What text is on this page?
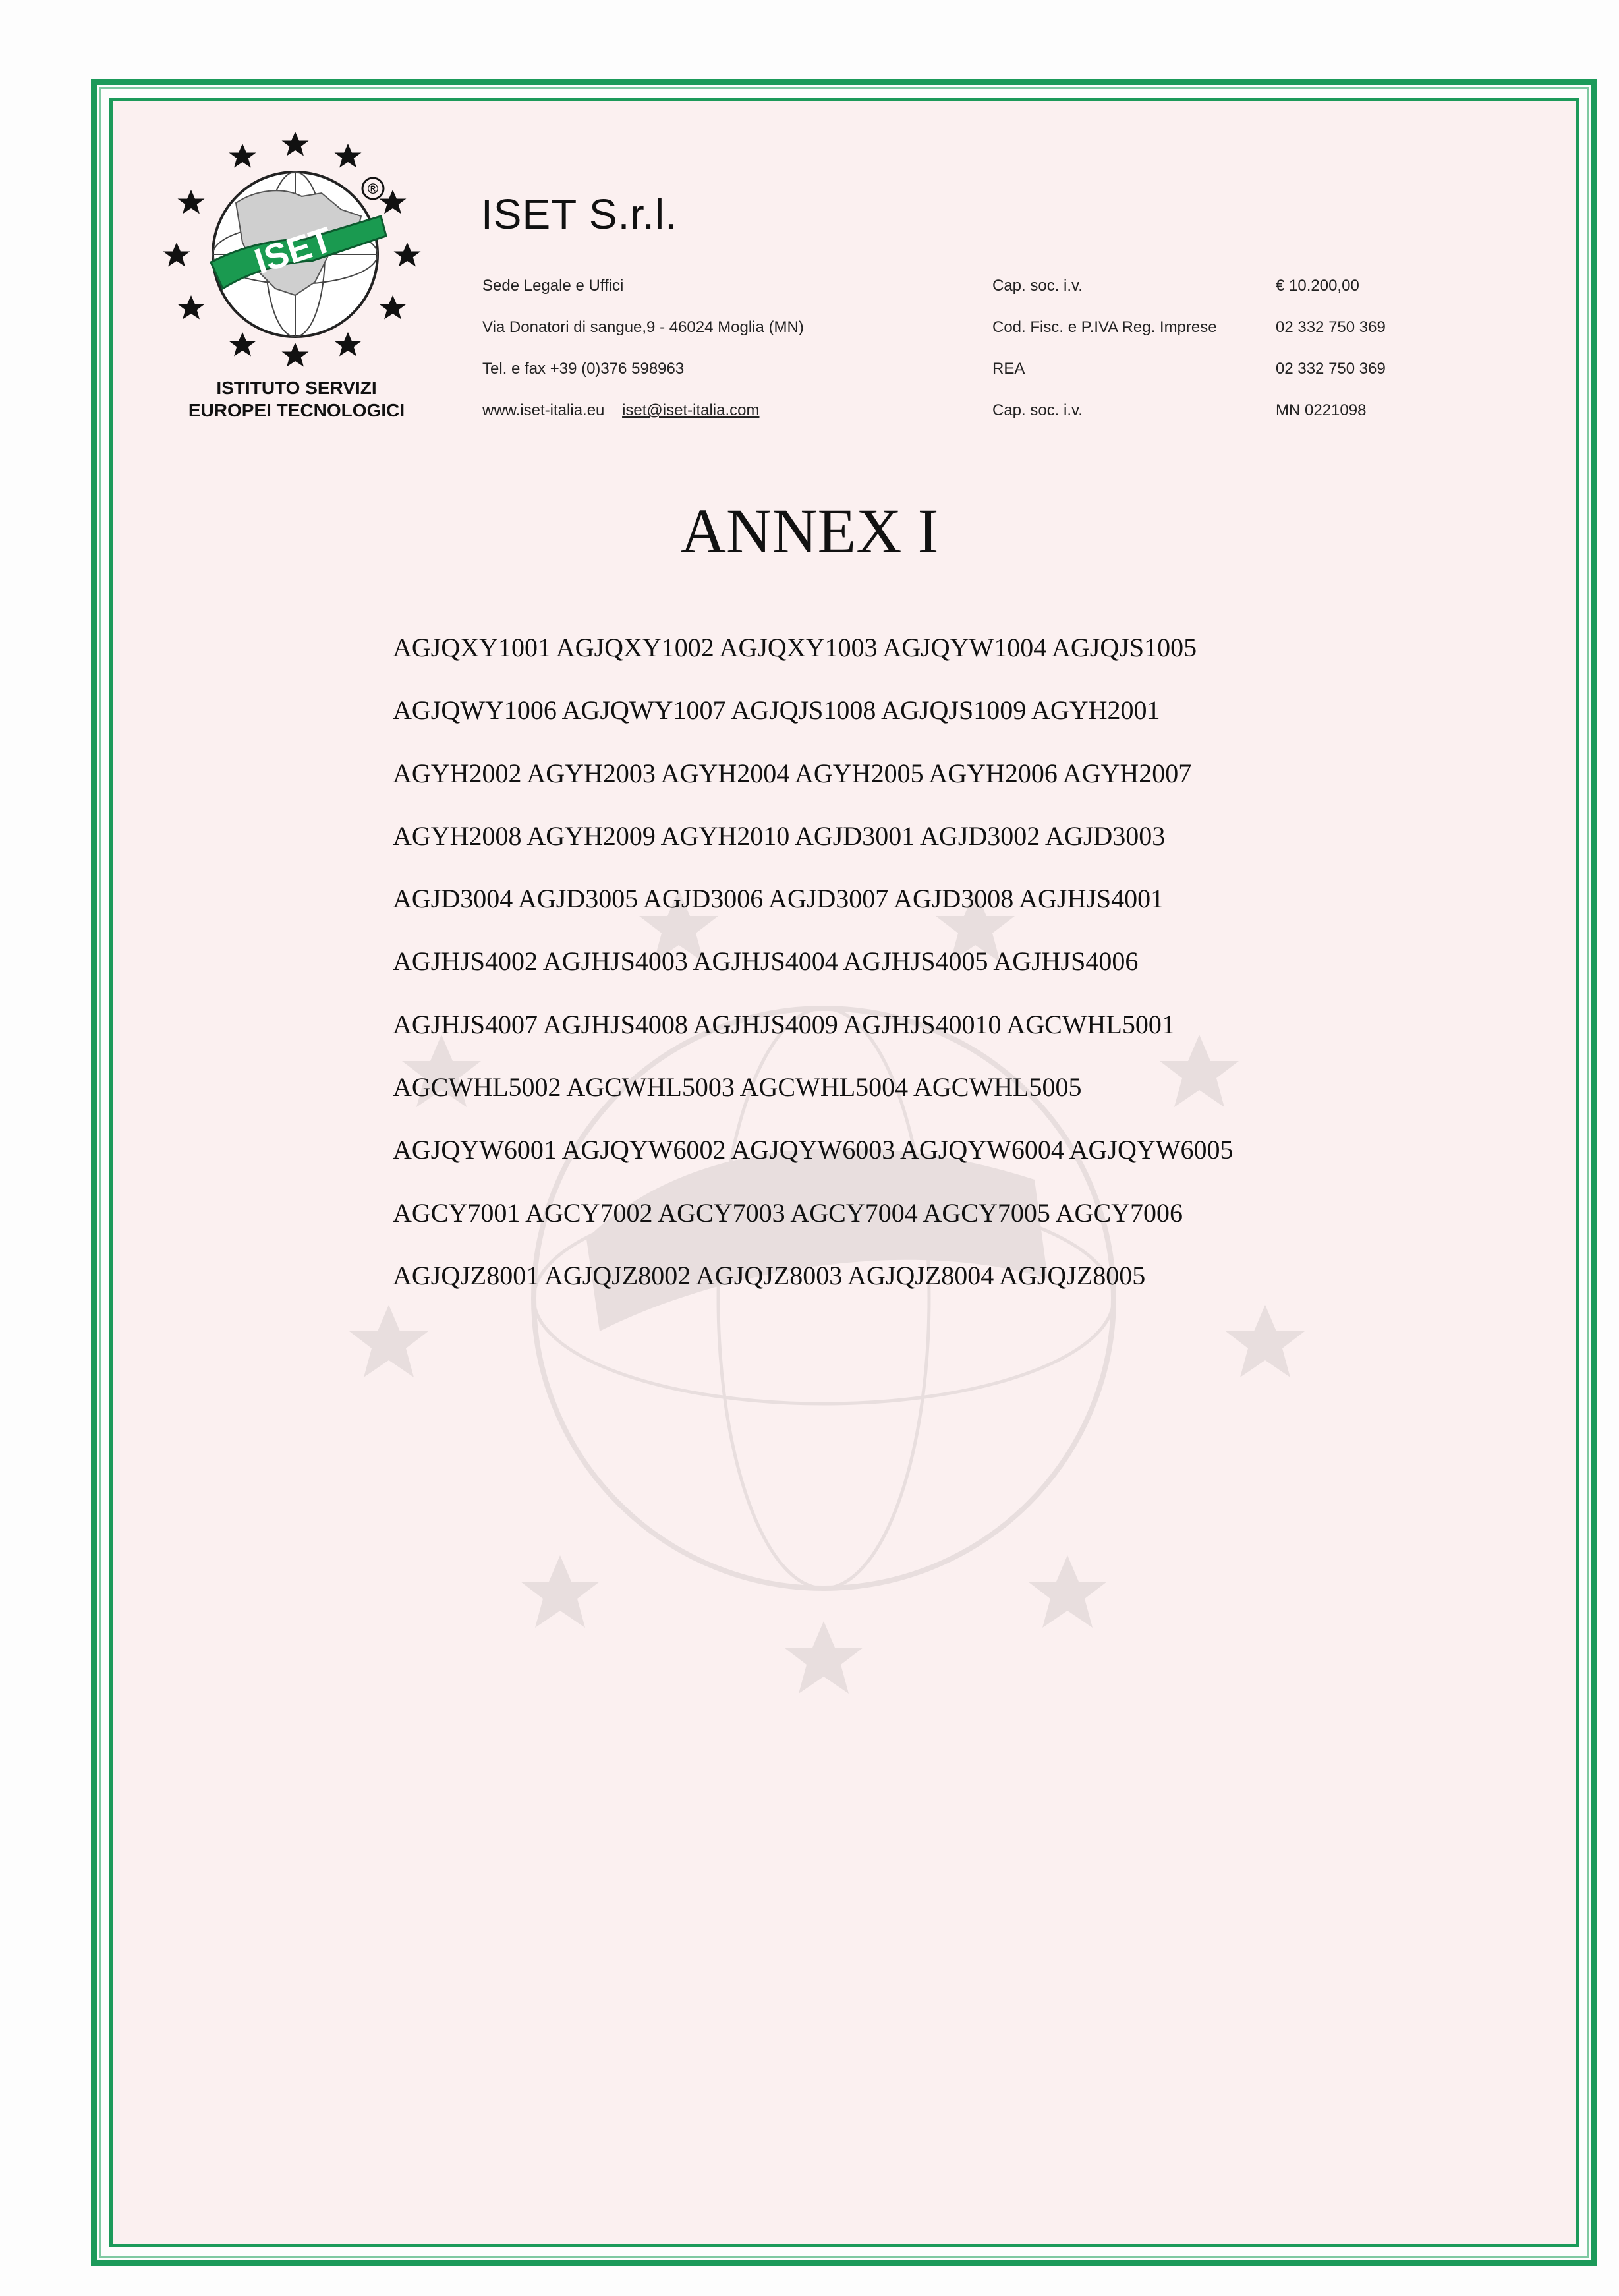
ISET
®
ISTITUTO SERVIZI
EUROPEI TECNOLOGICI
ISET S.r.l.
Sede Legale e Uffici
Via Donatori di sangue,9 - 46024 Moglia (MN)
Tel. e fax +39 (0)376 598963
www.iset-italia.eu iset@iset-italia.com
Cap. soc. i.v.
Cod. Fisc. e P.IVA Reg. Imprese
REA
Cap. soc. i.v.
€ 10.200,00
02 332 750 369
02 332 750 369
MN 0221098
ANNEX I
AGJQXY1001 AGJQXY1002 AGJQXY1003 AGJQYW1004 AGJQJS1005
AGJQWY1006 AGJQWY1007 AGJQJS1008 AGJQJS1009 AGYH2001
AGYH2002 AGYH2003 AGYH2004 AGYH2005 AGYH2006 AGYH2007
AGYH2008 AGYH2009 AGYH2010 AGJD3001 AGJD3002 AGJD3003
AGJD3004 AGJD3005 AGJD3006 AGJD3007 AGJD3008 AGJHJS4001
AGJHJS4002 AGJHJS4003 AGJHJS4004 AGJHJS4005 AGJHJS4006
AGJHJS4007 AGJHJS4008 AGJHJS4009 AGJHJS40010 AGCWHL5001
AGCWHL5002 AGCWHL5003 AGCWHL5004 AGCWHL5005
AGJQYW6001 AGJQYW6002 AGJQYW6003 AGJQYW6004 AGJQYW6005
AGCY7001 AGCY7002 AGCY7003 AGCY7004 AGCY7005 AGCY7006
AGJQJZ8001 AGJQJZ8002 AGJQJZ8003 AGJQJZ8004 AGJQJZ8005
